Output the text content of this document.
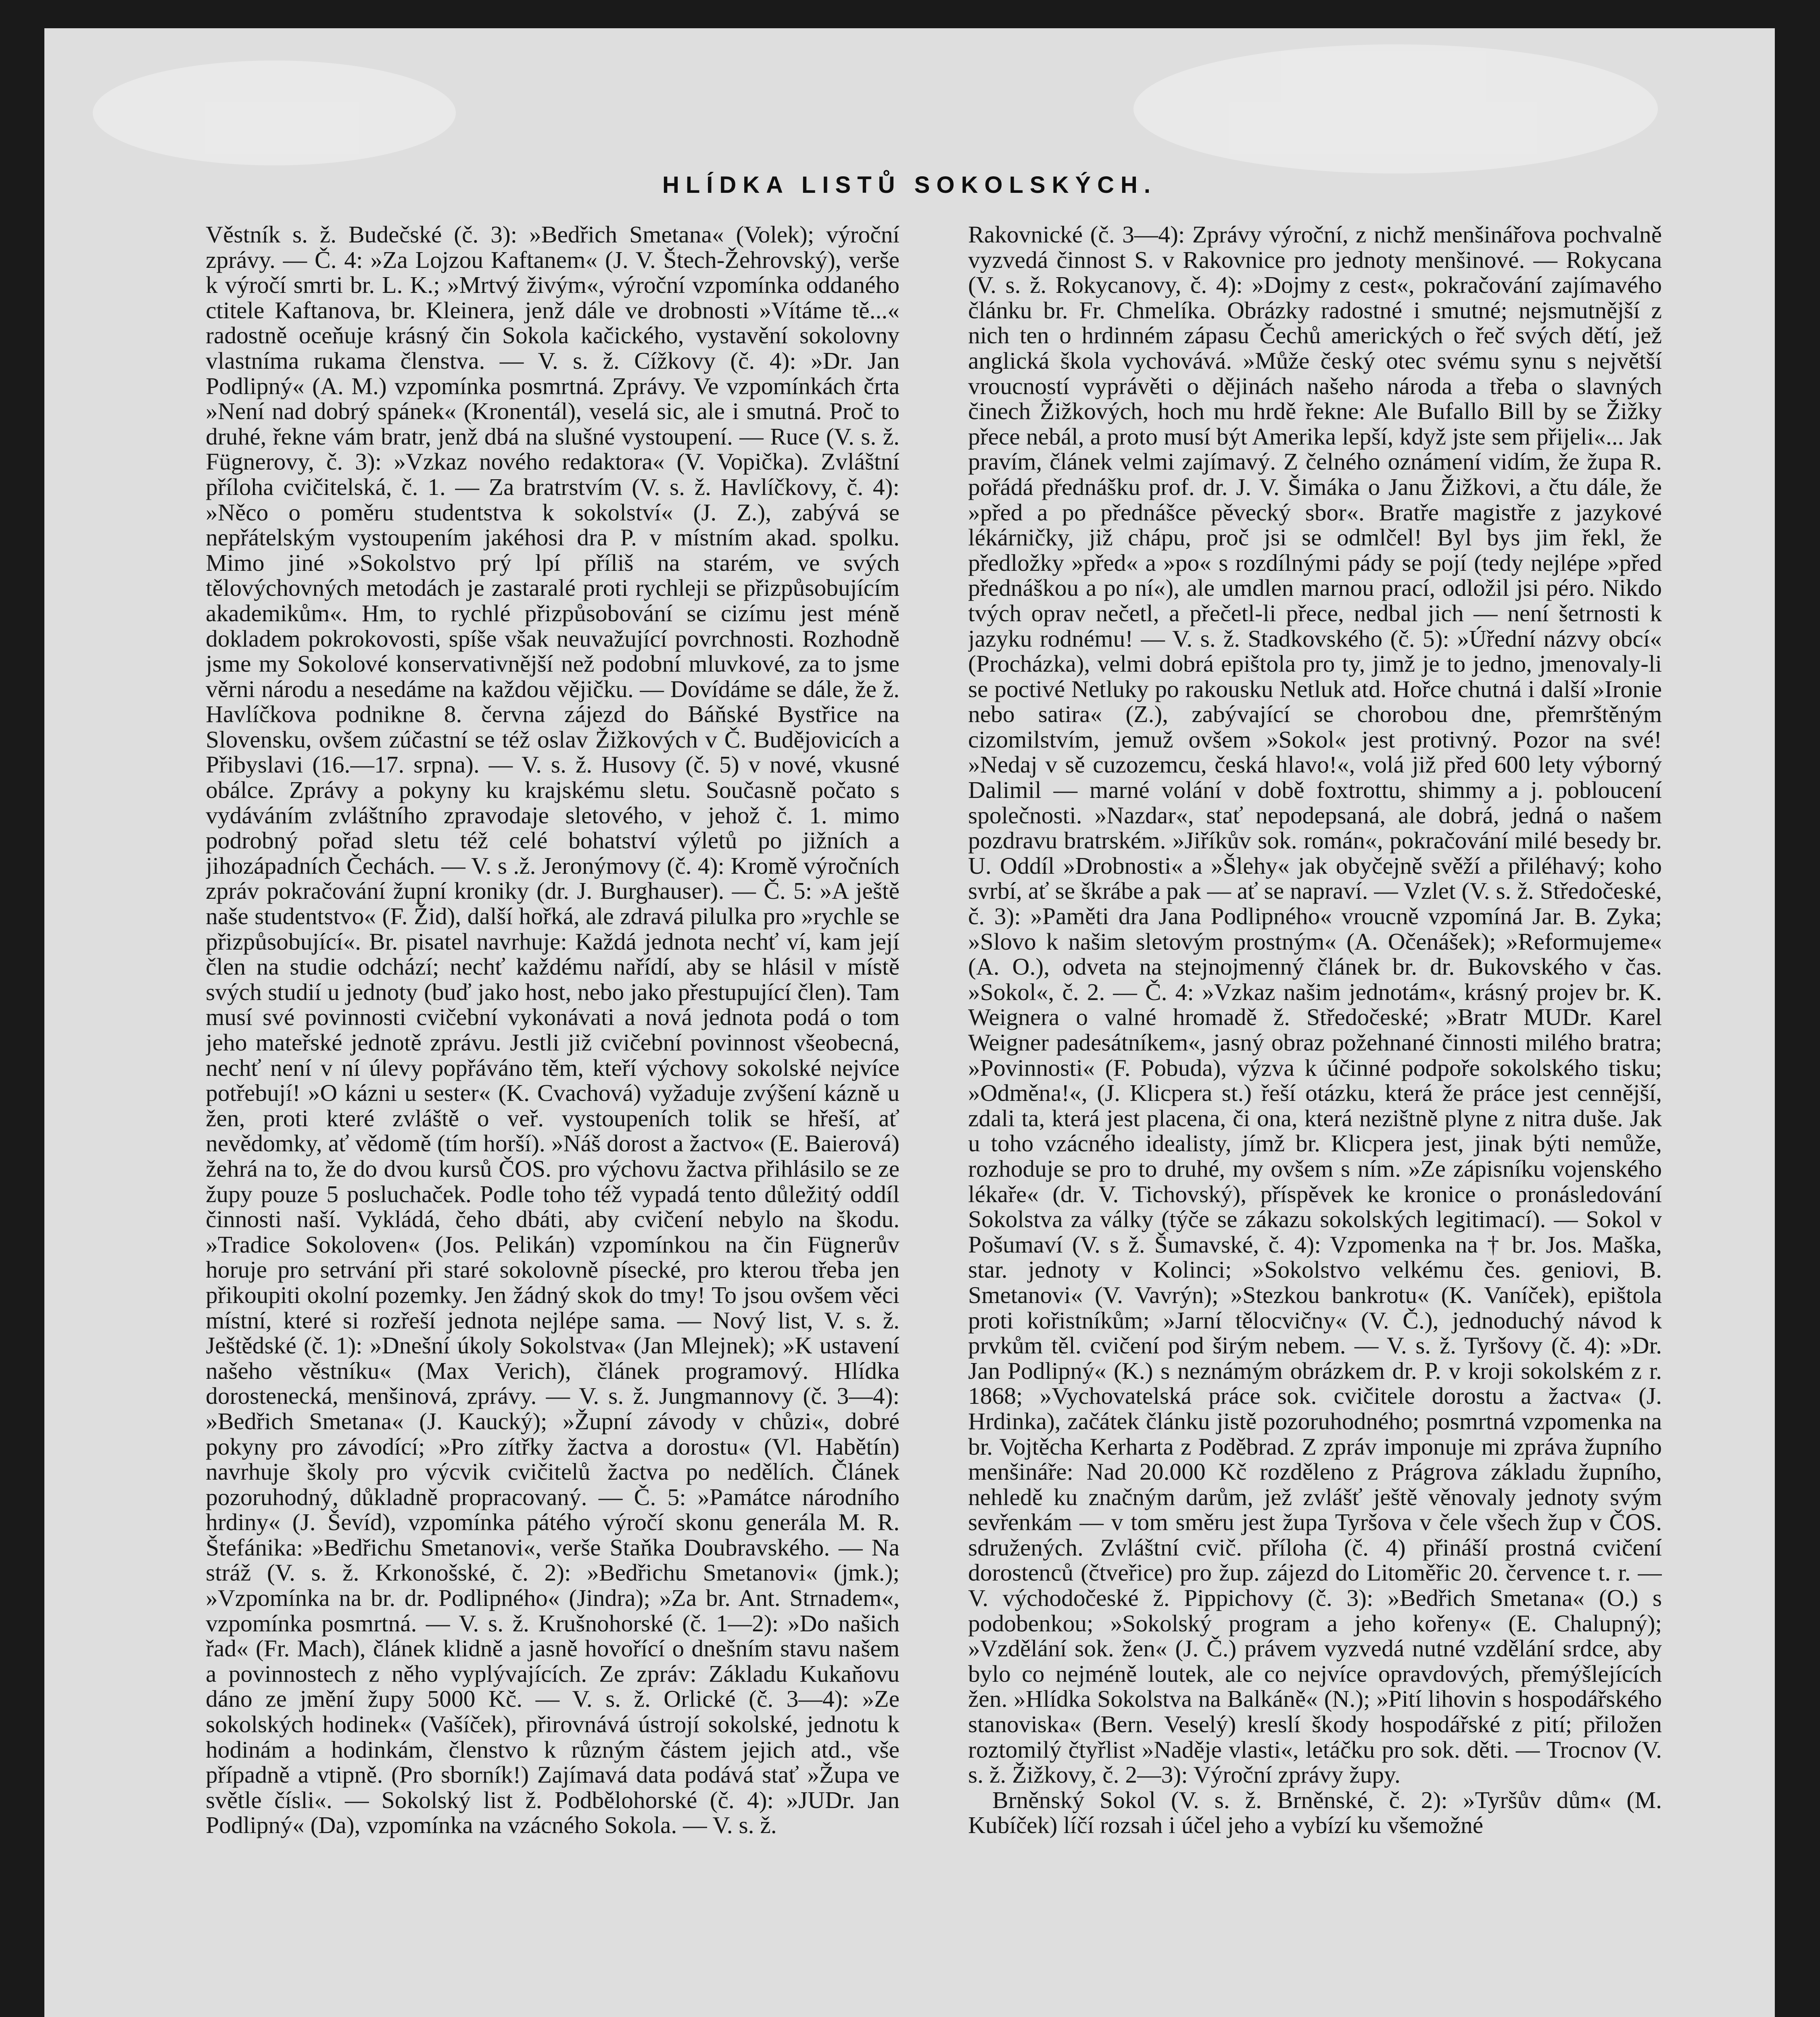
HLÍDKA LISTŮ SOKOLSKÝCH.

Věstník s. ž. Budečské (č. 3): »Bedřich Smetana« (Volek); výroční zprávy. — Č. 4: »Za Lojzou Kaftanem« (J. V. Štech-Žehrovský), verše k výročí smrti br. L. K.; »Mrtvý živým«, výroční vzpomínka oddaného ctitele Kaftanova, br. Kleinera, jenž dále ve drobnosti »Vítáme tě...« radostně oceňuje krásný čin Sokola kačického, vystavění sokolovny vlastníma rukama členstva. — V. s. ž. Cížkovy (č. 4): »Dr. Jan Podlipný« (A. M.) vzpomínka posmrtná. Zprávy. Ve vzpomínkách črta »Není nad dobrý spánek« (Kronentál), veselá sic, ale i smutná. Proč to druhé, řekne vám bratr, jenž dbá na slušné vystoupení. — Ruce (V. s. ž. Fügnerovy, č. 3): »Vzkaz nového redaktora« (V. Vopička). Zvláštní příloha cvičitelská, č. 1. — Za bratrstvím (V. s. ž. Havlíčkovy, č. 4): »Něco o poměru studentstva k sokolství« (J. Z.), zabývá se nepřátelským vystoupením jakéhosi dra P. v místním akad. spolku. Mimo jiné »Sokolstvo prý lpí příliš na starém, ve svých tělovýchovných metodách je zastaralé proti rychleji se přizpůsobujícím akademikům«. Hm, to rychlé přizpůsobování se cizímu jest méně dokladem pokrokovosti, spíše však neuvažující povrchnosti. Rozhodně jsme my Sokolové konservativnější než podobní mluvkové, za to jsme věrni národu a nesedáme na každou vějičku. — Dovídáme se dále, že ž. Havlíčkova podnikne 8. června zájezd do Báňské Bystřice na Slovensku, ovšem zúčastní se též oslav Žižkových v Č. Budějovicích a Přibyslavi (16.—17. srpna). — V. s. ž. Husovy (č. 5) v nové, vkusné obálce. Zprávy a pokyny ku krajskému sletu. Současně počato s vydáváním zvláštního zpravodaje sletového, v jehož č. 1. mimo podrobný pořad sletu též celé bohatství výletů po jižních a jihozápadních Čechách. — V. s .ž. Jeronýmovy (č. 4): Kromě výročních zpráv pokračování župní kroniky (dr. J. Burghauser). — Č. 5: »A ještě naše studentstvo« (F. Žid), další hořká, ale zdravá pilulka pro »rychle se přizpůsobující«. Br. pisatel navrhuje: Každá jednota nechť ví, kam její člen na studie odchází; nechť každému nařídí, aby se hlásil v místě svých studií u jednoty (buď jako host, nebo jako přestupující člen). Tam musí své povinnosti cvičební vykonávati a nová jednota podá o tom jeho mateřské jednotě zprávu. Jestli již cvičební povinnost všeobecná, nechť není v ní úlevy popřáváno těm, kteří výchovy sokolské nejvíce potřebují! »O kázni u sester« (K. Cvachová) vyžaduje zvýšení kázně u žen, proti které zvláště o veř. vystoupeních tolik se hřeší, ať nevědomky, ať vědomě (tím horší). »Náš dorost a žactvo« (E. Baierová) žehrá na to, že do dvou kursů ČOS. pro výchovu žactva přihlásilo se ze župy pouze 5 posluchaček. Podle toho též vypadá tento důležitý oddíl činnosti naší. Vykládá, čeho dbáti, aby cvičení nebylo na škodu. »Tradice Sokoloven« (Jos. Pelikán) vzpomínkou na čin Fügnerův horuje pro setrvání při staré sokolovně písecké, pro kterou třeba jen přikoupiti okolní pozemky. Jen žádný skok do tmy! To jsou ovšem věci místní, které si rozřeší jednota nejlépe sama. — Nový list, V. s. ž. Ještědské (č. 1): »Dnešní úkoly Sokolstva« (Jan Mlejnek); »K ustavení našeho věstníku« (Max Verich), článek programový. Hlídka dorostenecká, menšinová, zprávy. — V. s. ž. Jungmannovy (č. 3—4): »Bedřich Smetana« (J. Kaucký); »Župní závody v chůzi«, dobré pokyny pro závodící; »Pro zítřky žactva a dorostu« (Vl. Habětín) navrhuje školy pro výcvik cvičitelů žactva po nedělích. Článek pozoruhodný, důkladně propracovaný. — Č. 5: »Památce národního hrdiny« (J. Ševíd), vzpomínka pátého výročí skonu generála M. R. Štefánika: »Bedřichu Smetanovi«, verše Staňka Doubravského. — Na stráž (V. s. ž. Krkonošské, č. 2): »Bedřichu Smetanovi« (jmk.); »Vzpomínka na br. dr. Podlipného« (Jindra); »Za br. Ant. Strnadem«, vzpomínka posmrtná. — V. s. ž. Krušnohorské (č. 1—2): »Do našich řad« (Fr. Mach), článek klidně a jasně hovořící o dnešním stavu našem a povinnostech z něho vyplývajících. Ze zpráv: Základu Kukaňovu dáno ze jmění župy 5000 Kč. — V. s. ž. Orlické (č. 3—4): »Ze sokolských hodinek« (Vašíček), přirovnává ústrojí sokolské, jednotu k hodinám a hodinkám, členstvo k různým částem jejich atd., vše případně a vtipně. (Pro sborník!) Zajímavá data podává stať »Župa ve světle čísli«. — Sokolský list ž. Podbělohorské (č. 4): »JUDr. Jan Podlipný« (Da), vzpomínka na vzácného Sokola. — V. s. ž.

Rakovnické (č. 3—4): Zprávy výroční, z nichž menšinářova pochvalně vyzvedá činnost S. v Rakovnice pro jednoty menšinové. — Rokycana (V. s. ž. Rokycanovy, č. 4): »Dojmy z cest«, pokračování zajímavého článku br. Fr. Chmelíka. Obrázky radostné i smutné; nejsmutnější z nich ten o hrdinném zápasu Čechů amerických o řeč svých dětí, jež anglická škola vychovává. »Může český otec svému synu s největší vroucností vyprávěti o dějinách našeho národa a třeba o slavných činech Žižkových, hoch mu hrdě řekne: Ale Bufallo Bill by se Žižky přece nebál, a proto musí být Amerika lepší, když jste sem přijeli«... Jak pravím, článek velmi zajímavý. Z čelného oznámení vidím, že župa R. pořádá přednášku prof. dr. J. V. Šimáka o Janu Žižkovi, a čtu dále, že »před a po přednášce pěvecký sbor«. Bratře magistře z jazykové lékárničky, již chápu, proč jsi se odmlčel! Byl bys jim řekl, že předložky »před« a »po« s rozdílnými pády se pojí (tedy nejlépe »před přednáškou a po ní«), ale umdlen marnou prací, odložil jsi péro. Nikdo tvých oprav nečetl, a přečetl-li přece, nedbal jich — není šetrnosti k jazyku rodnému! — V. s. ž. Stadkovského (č. 5): »Úřední názvy obcí« (Procházka), velmi dobrá epištola pro ty, jimž je to jedno, jmenovaly-li se poctivé Netluky po rakousku Netluk atd. Hořce chutná i další »Ironie nebo satira« (Z.), zabývající se chorobou dne, přemrštěným cizomilstvím, jemuž ovšem »Sokol« jest protivný. Pozor na své! »Nedaj v sě cuzozemcu, česká hlavo!«, volá již před 600 lety výborný Dalimil — marné volání v době foxtrottu, shimmy a j. pobloucení společnosti. »Nazdar«, stať nepodepsaná, ale dobrá, jedná o našem pozdravu bratrském. »Jiříkův sok. román«, pokračování milé besedy br. U. Oddíl »Drobnosti« a »Šlehy« jak obyčejně svěží a přiléhavý; koho svrbí, ať se škrábe a pak — ať se napraví. — Vzlet (V. s. ž. Středočeské, č. 3): »Paměti dra Jana Podlipného« vroucně vzpomíná Jar. B. Zyka; »Slovo k našim sletovým prostným« (A. Očenášek); »Reformujeme« (A. O.), odveta na stejnojmenný článek br. dr. Bukovského v čas. »Sokol«, č. 2. — Č. 4: »Vzkaz našim jednotám«, krásný projev br. K. Weignera o valné hromadě ž. Středočeské; »Bratr MUDr. Karel Weigner padesátníkem«, jasný obraz požehnané činnosti milého bratra; »Povinnosti« (F. Pobuda), výzva k účinné podpoře sokolského tisku; »Odměna!«, (J. Klicpera st.) řeší otázku, která že práce jest cennější, zdali ta, která jest placena, či ona, která nezištně plyne z nitra duše. Jak u toho vzácného idealisty, jímž br. Klicpera jest, jinak býti nemůže, rozhoduje se pro to druhé, my ovšem s ním. »Ze zápisníku vojenského lékaře« (dr. V. Tichovský), příspěvek ke kronice o pronásledování Sokolstva za války (týče se zákazu sokolských legitimací). — Sokol v Pošumaví (V. s ž. Šumavské, č. 4): Vzpomenka na † br. Jos. Maška, star. jednoty v Kolinci; »Sokolstvo velkému čes. geniovi, B. Smetanovi« (V. Vavrýn); »Stezkou bankrotu« (K. Vaníček), epištola proti kořistníkům; »Jarní tělocvičny« (V. Č.), jednoduchý návod k prvkům těl. cvičení pod širým nebem. — V. s. ž. Tyršovy (č. 4): »Dr. Jan Podlipný« (K.) s neznámým obrázkem dr. P. v kroji sokolském z r. 1868; »Vychovatelská práce sok. cvičitele dorostu a žactva« (J. Hrdinka), začátek článku jistě pozoruhodného; posmrtná vzpomenka na br. Vojtěcha Kerharta z Poděbrad. Z zpráv imponuje mi zpráva župního menšináře: Nad 20.000 Kč rozděleno z Prágrova základu župního, nehledě ku značným darům, jež zvlášť ještě věnovaly jednoty svým sevřenkám — v tom směru jest župa Tyršova v čele všech žup v ČOS. sdružených. Zvláštní cvič. příloha (č. 4) přináší prostná cvičení dorostenců (čtveřice) pro žup. zájezd do Litoměřic 20. července t. r. — V. východočeské ž. Pippichovy (č. 3): »Bedřich Smetana« (O.) s podobenkou; »Sokolský program a jeho kořeny« (E. Chalupný); »Vzdělání sok. žen« (J. Č.) právem vyzvedá nutné vzdělání srdce, aby bylo co nejméně loutek, ale co nejvíce opravdových, přemýšlejících žen. »Hlídka Sokolstva na Balkáně« (N.); »Pití lihovin s hospodářského stanoviska« (Bern. Veselý) kreslí škody hospodářské z pití; přiložen roztomilý čtyřlist »Naděje vlasti«, letáčku pro sok. děti. — Trocnov (V. s. ž. Žižkovy, č. 2—3): Výroční zprávy župy.

Brněnský Sokol (V. s. ž. Brněnské, č. 2): »Tyršův dům« (M. Kubíček) líčí rozsah i účel jeho a vybízí ku všemožné
